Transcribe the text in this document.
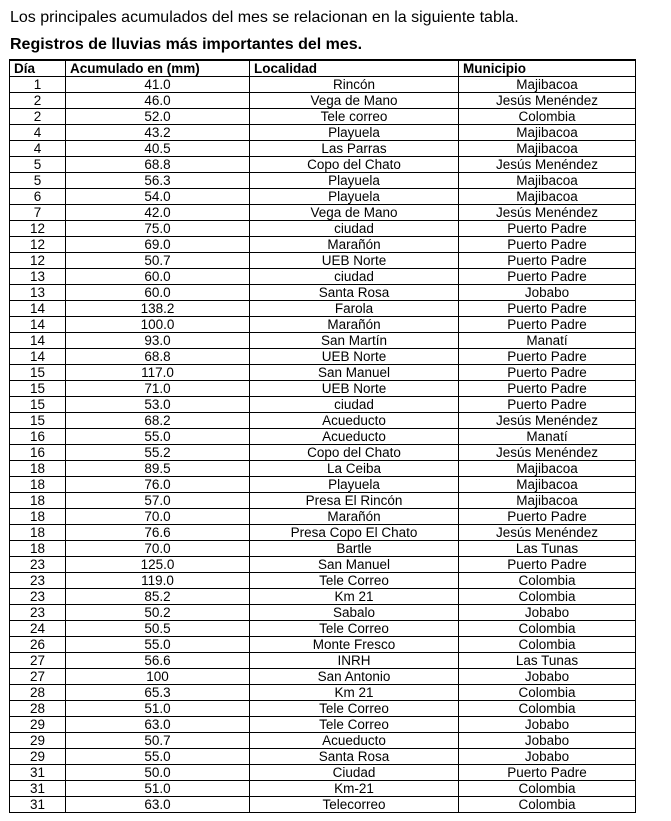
Los principales acumulados del mes se relacionan en la siguiente tabla.

Registros de lluvias más importantes del mes.
Día	Acumulado en (mm)	Localidad	Municipio
1	41.0	Rincón	Majibacoa
2	46.0	Vega de Mano	Jesús Menéndez
2	52.0	Tele correo	Colombia
4	43.2	Playuela	Majibacoa
4	40.5	Las Parras	Majibacoa
5	68.8	Copo del Chato	Jesús Menéndez
5	56.3	Playuela	Majibacoa
6	54.0	Playuela	Majibacoa
7	42.0	Vega de Mano	Jesús Menéndez
12	75.0	ciudad	Puerto Padre
12	69.0	Marañón	Puerto Padre
12	50.7	UEB Norte	Puerto Padre
13	60.0	ciudad	Puerto Padre
13	60.0	Santa Rosa	Jobabo
14	138.2	Farola	Puerto Padre
14	100.0	Marañón	Puerto Padre
14	93.0	San Martín	Manatí
14	68.8	UEB Norte	Puerto Padre
15	117.0	San Manuel	Puerto Padre
15	71.0	UEB Norte	Puerto Padre
15	53.0	ciudad	Puerto Padre
15	68.2	Acueducto	Jesús Menéndez
16	55.0	Acueducto	Manatí
16	55.2	Copo del Chato	Jesús Menéndez
18	89.5	La Ceiba	Majibacoa
18	76.0	Playuela	Majibacoa
18	57.0	Presa El Rincón	Majibacoa
18	70.0	Marañón	Puerto Padre
18	76.6	Presa Copo El Chato	Jesús Menéndez
18	70.0	Bartle	Las Tunas
23	125.0	San Manuel	Puerto Padre
23	119.0	Tele Correo	Colombia
23	85.2	Km 21	Colombia
23	50.2	Sabalo	Jobabo
24	50.5	Tele Correo	Colombia
26	55.0	Monte Fresco	Colombia
27	56.6	INRH	Las Tunas
27	100	San Antonio	Jobabo
28	65.3	Km 21	Colombia
28	51.0	Tele Correo	Colombia
29	63.0	Tele Correo	Jobabo
29	50.7	Acueducto	Jobabo
29	55.0	Santa Rosa	Jobabo
31	50.0	Ciudad	Puerto Padre
31	51.0	Km-21	Colombia
31	63.0	Telecorreo	Colombia
